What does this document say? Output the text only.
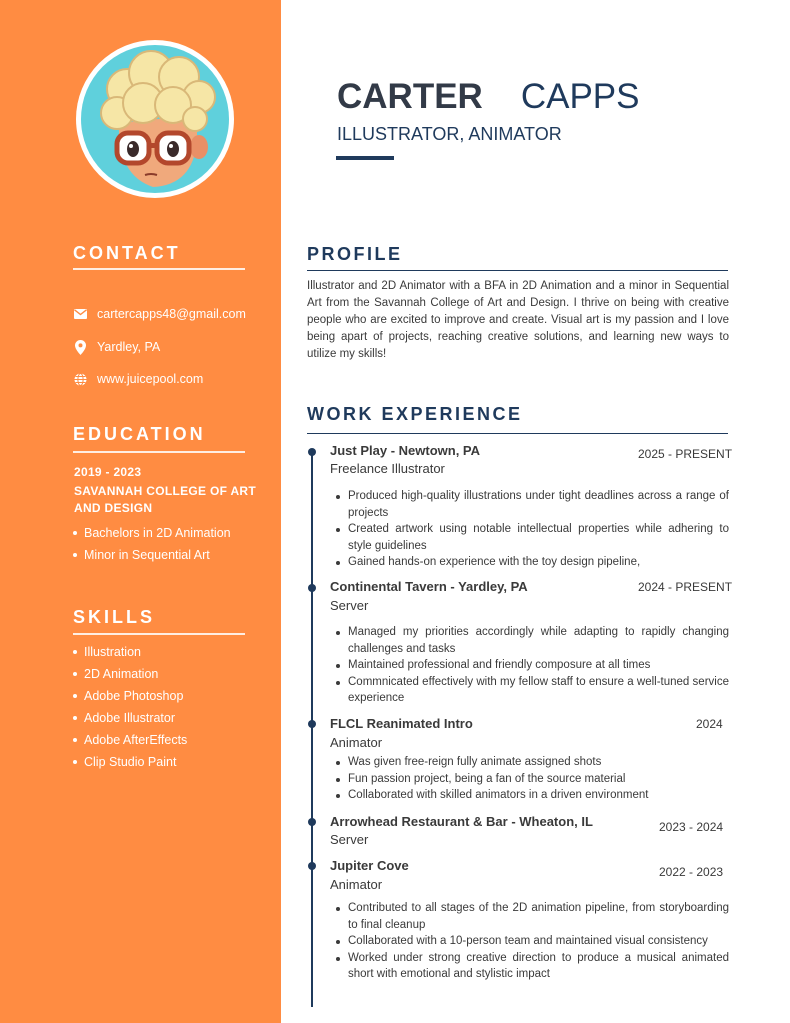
CONTACT
cartercapps48@gmail.com
Yardley, PA
www.juicepool.com
EDUCATION
2019 - 2023
SAVANNAH COLLEGE OF ART
AND DESIGN
Bachelors in 2D Animation
Minor in Sequential Art
SKILLS
Illustration
2D Animation
Adobe Photoshop
Adobe Illustrator
Adobe AfterEffects
Clip Studio Paint
CARTER CAPPS
ILLUSTRATOR, ANIMATOR
PROFILE
Illustrator and 2D Animator with a BFA in 2D Animation and a minor in Sequential Art from the Savannah College of Art and Design. I thrive on being with creative people who are excited to improve and create. Visual art is my passion and I love being apart of projects, reaching creative solutions, and learning new ways to utilize my skills!
WORK EXPERIENCE
Just Play - Newtown, PA	2025 - PRESENT
Freelance Illustrator
Produced high-quality illustrations under tight deadlines across a range of projects
Created artwork using notable intellectual properties while adhering to style guidelines
Gained hands-on experience with the toy design pipeline,
Continental Tavern - Yardley, PA	2024 - PRESENT
Server
Managed my priorities accordingly while adapting to rapidly changing challenges and tasks
Maintained professional and friendly composure at all times
Commnicated effectively with my fellow staff to ensure a well-tuned service experience
FLCL Reanimated Intro	2024
Animator
Was given free-reign fully animate assigned shots
Fun passion project, being a fan of the source material
Collaborated with skilled animators in a driven environment
Arrowhead Restaurant & Bar - Wheaton, IL	2023 - 2024
Server
Jupiter Cove	2022 - 2023
Animator
Contributed to all stages of the 2D animation pipeline, from storyboarding to final cleanup
Collaborated with a 10-person team and maintained visual consistency
Worked under strong creative direction to produce a musical animated short with emotional and stylistic impact
